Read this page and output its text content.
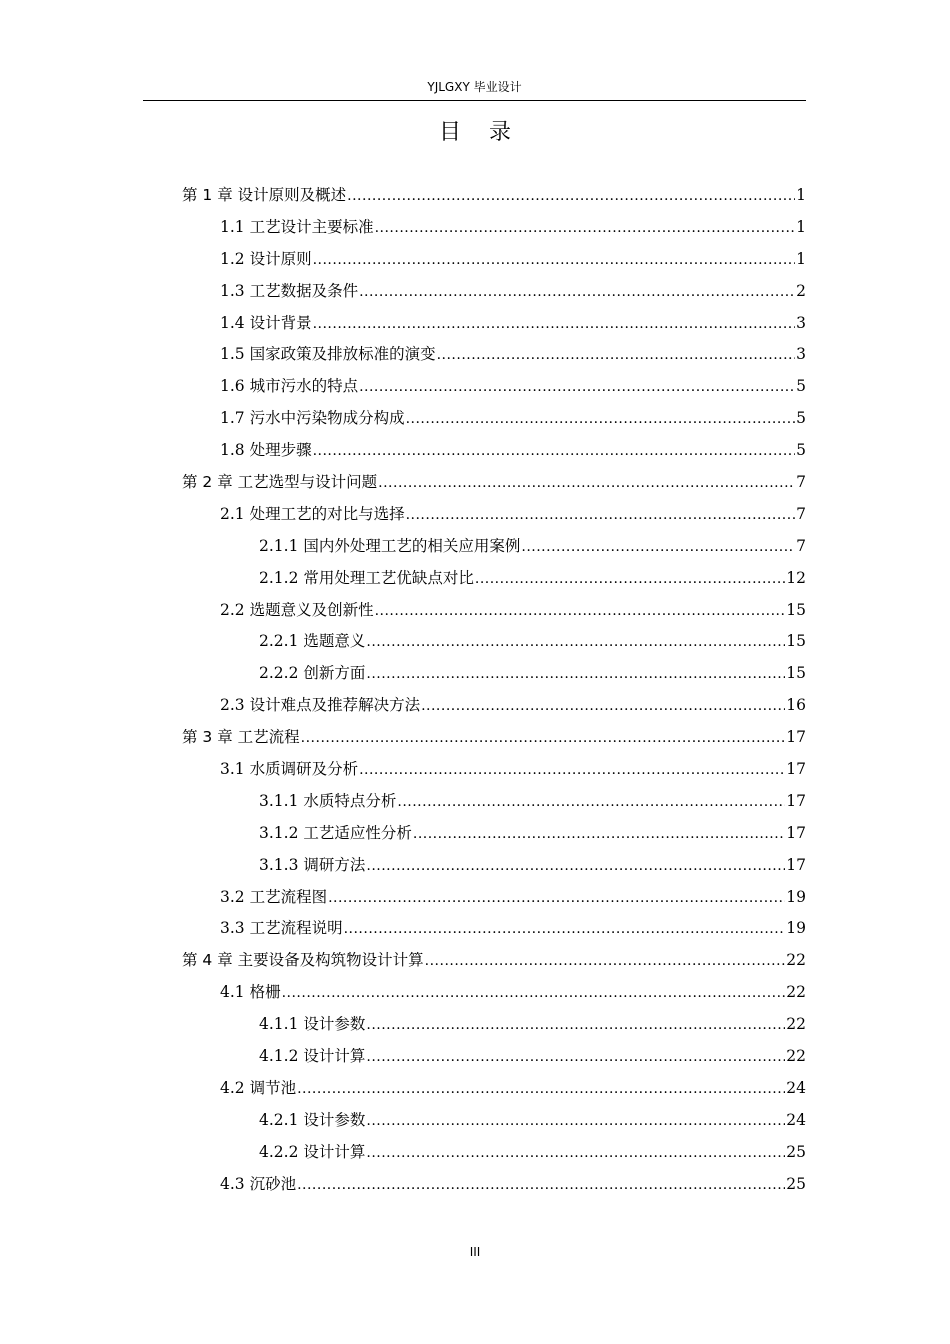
YJLGXY 毕业设计
目录
第 1 章 设计原则及概述 .....	1
1.1 工艺设计主要标准 .....	1
1.2 设计原则 .....	1
1.3 工艺数据及条件 .....	2
1.4 设计背景 .....	3
1.5 国家政策及排放标准的演变 .....	3
1.6 城市污水的特点 .....	5
1.7 污水中污染物成分构成 .....	5
1.8 处理步骤 .....	5
第 2 章 工艺选型与设计问题 .....	7
2.1 处理工艺的对比与选择 .....	7
2.1.1 国内外处理工艺的相关应用案例 .....	7
2.1.2 常用处理工艺优缺点对比 .....	12
2.2 选题意义及创新性 .....	15
2.2.1 选题意义 .....	15
2.2.2 创新方面 .....	15
2.3 设计难点及推荐解决方法 .....	16
第 3 章 工艺流程 .....	17
3.1 水质调研及分析 .....	17
3.1.1 水质特点分析 .....	17
3.1.2 工艺适应性分析 .....	17
3.1.3 调研方法 .....	17
3.2 工艺流程图 .....	19
3.3 工艺流程说明 .....	19
第 4 章 主要设备及构筑物设计计算 .....	22
4.1 格栅 .....	22
4.1.1 设计参数 .....	22
4.1.2 设计计算 .....	22
4.2 调节池 .....	24
4.2.1 设计参数 .....	24
4.2.2 设计计算 .....	25
4.3 沉砂池 .....	25
III
